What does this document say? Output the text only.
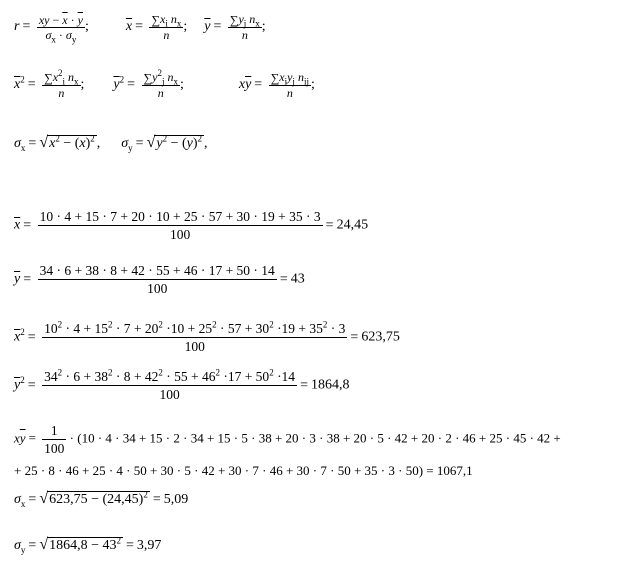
$r = \frac{xy - \overline{x} \cdot \overline{y}}{\sigma_x \cdot \sigma_y}$ ;  $\overline{x} = \frac{\sum x_i n_x}{n}$ ;  $\overline{y} = \frac{\sum y_j n_x}{n}$ ;
$\overline{x}^2 = \frac{\sum x^2_i n_x}{n}$ ;  $\overline{y}^2 = \frac{\sum y^2_j n_x}{n}$ ;	$x\overline{y} = \frac{\sum x_iy_j n_{ij}}{n}$ ;
$\sigma_x = √x^2 - (\overline{x})^2$ ,  $\sigma_y = √y^2 - (\overline{y})^2$ ,
$\overline{x} = \frac{10 \cdot 4 + 15 \cdot 7 + 20 \cdot 10 + 25 \cdot 57 + 30 \cdot 19 + 35 \cdot 3}{100} = 24,45$
$\overline{y} = \frac{34 \cdot 6 + 38 \cdot 8 + 42 \cdot 55 + 46 \cdot 17 + 50 \cdot 14}{100} = 43$
$\overline{x}^2 = \frac{10^2 \cdot 4 + 15^2 \cdot 7 + 20^2 \cdot 10 + 25^2 \cdot 57 + 30^2 \cdot 19 + 35^2 \cdot 3}{100} = 623,75$
$\overline{y}^2 = \frac{34^2 \cdot 6 + 38^2 \cdot 8 + 42^2 \cdot 55 + 46^2 \cdot 17 + 50^2 \cdot 14}{100} = 1864,8$
$x\overline{y} = \frac{1}{100} \cdot (10 \cdot 4 \cdot 34 + 15 \cdot 2 \cdot 34 + 15 \cdot 5 \cdot 38 + 20 \cdot 3 \cdot 38 + 20 \cdot 5 \cdot 42 + 20 \cdot 2 \cdot 46 + 25 \cdot 45 \cdot 42$ +
+ 25 · 8 · 46 + 25 · 4 · 50 + 30 · 5 · 42 + 30 · 7 · 46 + 30 · 7 · 50 + 35 · 3 · 50) = 1067,1
$\sigma_x = √623,75 - (24,45)^2 = 5,09$
$\sigma_y = √1864,8 - 43^2 = 3,97$
